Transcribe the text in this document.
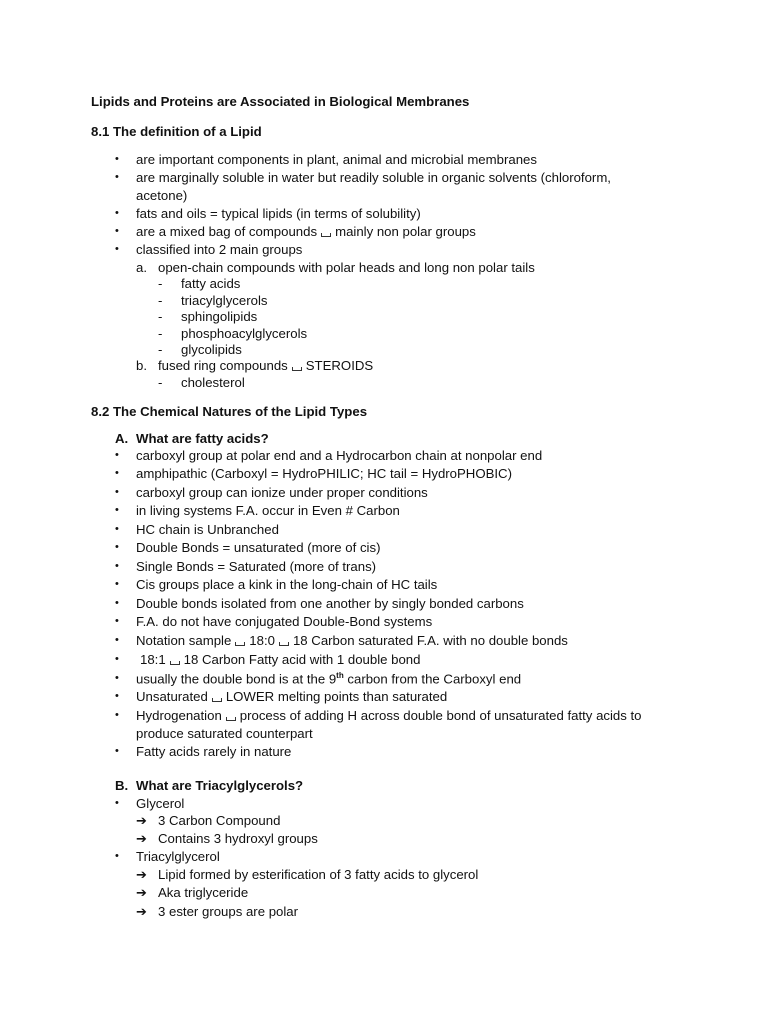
Lipids and Proteins are Associated in Biological Membranes
8.1 The definition of a Lipid
• are important components in plant, animal and microbial membranes
• are marginally soluble in water but readily soluble in organic solvents (chloroform,
acetone)
• fats and oils = typical lipids (in terms of solubility)
• are a mixed bag of compounds mainly non polar groups
• classified into 2 main groups
a. open-chain compounds with polar heads and long non polar tails
- fatty acids
- triacylglycerols
- sphingolipids
- phosphoacylglycerols
- glycolipids
b. fused ring compounds STEROIDS
- cholesterol
8.2 The Chemical Natures of the Lipid Types
A. What are fatty acids?
• carboxyl group at polar end and a Hydrocarbon chain at nonpolar end
• amphipathic (Carboxyl = HydroPHILIC; HC tail = HydroPHOBIC)
• carboxyl group can ionize under proper conditions
• in living systems F.A. occur in Even # Carbon
• HC chain is Unbranched
• Double Bonds = unsaturated (more of cis)
• Single Bonds = Saturated (more of trans)
• Cis groups place a kink in the long-chain of HC tails
• Double bonds isolated from one another by singly bonded carbons
• F.A. do not have conjugated Double-Bond systems
• Notation sample 18:0 18 Carbon saturated F.A. with no double bonds
• 18:1 18 Carbon Fatty acid with 1 double bond
• usually the double bond is at the 9th carbon from the Carboxyl end
• Unsaturated LOWER melting points than saturated
• Hydrogenation process of adding H across double bond of unsaturated fatty acids to
produce saturated counterpart
• Fatty acids rarely in nature
B. What are Triacylglycerols?
• Glycerol
➔ 3 Carbon Compound
➔ Contains 3 hydroxyl groups
• Triacylglycerol
➔ Lipid formed by esterification of 3 fatty acids to glycerol
➔ Aka triglyceride
➔ 3 ester groups are polar
